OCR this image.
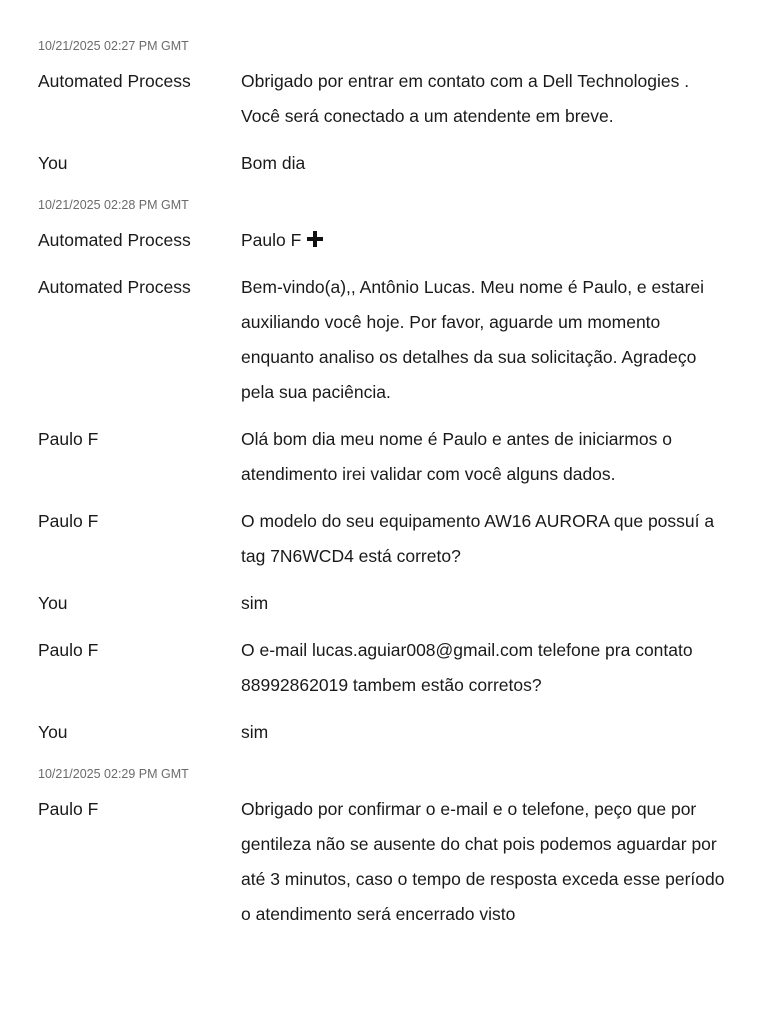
10/21/2025 02:27 PM GMT
Automated Process	Obrigado por entrar em contato com a Dell Technologies . Você será conectado a um atendente em breve.
You	Bom dia
10/21/2025 02:28 PM GMT
Automated Process	Paulo F
Automated Process	Bem-vindo(a),, Antônio Lucas. Meu nome é Paulo, e estarei auxiliando você hoje. Por favor, aguarde um momento enquanto analiso os detalhes da sua solicitação. Agradeço pela sua paciência.
Paulo F	Olá bom dia meu nome é Paulo e antes de iniciarmos o atendimento irei validar com você alguns dados.
Paulo F	O modelo do seu equipamento AW16 AURORA que possuí a tag 7N6WCD4 está correto?
You	sim
Paulo F	O e-mail lucas.aguiar008@gmail.com telefone pra contato 88992862019 tambem estão corretos?
You	sim
10/21/2025 02:29 PM GMT
Paulo F	Obrigado por confirmar o e-mail e o telefone, peço que por gentileza não se ausente do chat pois podemos aguardar por até 3 minutos, caso o tempo de resposta exceda esse período o atendimento será encerrado visto
